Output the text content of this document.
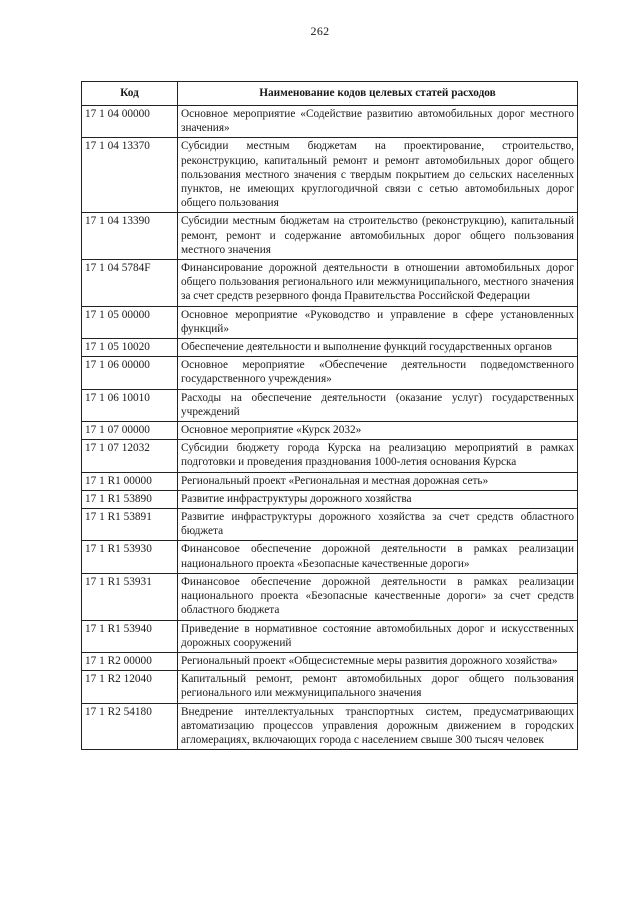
262
Код	Наименование кодов целевых статей расходов
17 1 04 00000	Основное мероприятие «Содействие развитию автомобильных дорог местного значения»
17 1 04 13370	Субсидии местным бюджетам на проектирование, строительство, реконструкцию, капитальный ремонт и ремонт автомобильных дорог общего пользования местного значения с твердым покрытием до сельских населенных пунктов, не имеющих круглогодичной связи с сетью автомобильных дорог общего пользования
17 1 04 13390	Субсидии местным бюджетам на строительство (реконструкцию), капитальный ремонт, ремонт и содержание автомобильных дорог общего пользования местного значения
17 1 04 5784F	Финансирование дорожной деятельности в отношении автомобильных дорог общего пользования регионального или межмуниципального, местного значения за счет средств резервного фонда Правительства Российской Федерации
17 1 05 00000	Основное мероприятие «Руководство и управление в сфере установленных функций»
17 1 05 10020	Обеспечение деятельности и выполнение функций государственных органов
17 1 06 00000	Основное мероприятие «Обеспечение деятельности подведомственного государственного учреждения»
17 1 06 10010	Расходы на обеспечение деятельности (оказание услуг) государственных учреждений
17 1 07 00000	Основное мероприятие «Курск 2032»
17 1 07 12032	Субсидии бюджету города Курска на реализацию мероприятий в рамках подготовки и проведения празднования 1000-летия основания Курска
17 1 R1 00000	Региональный проект «Региональная и местная дорожная сеть»
17 1 R1 53890	Развитие инфраструктуры дорожного хозяйства
17 1 R1 53891	Развитие инфраструктуры дорожного хозяйства за счет средств областного бюджета
17 1 R1 53930	Финансовое обеспечение дорожной деятельности в рамках реализации национального проекта «Безопасные качественные дороги»
17 1 R1 53931	Финансовое обеспечение дорожной деятельности в рамках реализации национального проекта «Безопасные качественные дороги» за счет средств областного бюджета
17 1 R1 53940	Приведение в нормативное состояние автомобильных дорог и искусственных дорожных сооружений
17 1 R2 00000	Региональный проект «Общесистемные меры развития дорожного хозяйства»
17 1 R2 12040	Капитальный ремонт, ремонт автомобильных дорог общего пользования регионального или межмуниципального значения
17 1 R2 54180	Внедрение интеллектуальных транспортных систем, предусматривающих автоматизацию процессов управления дорожным движением в городских агломерациях, включающих города с населением свыше 300 тысяч человек
